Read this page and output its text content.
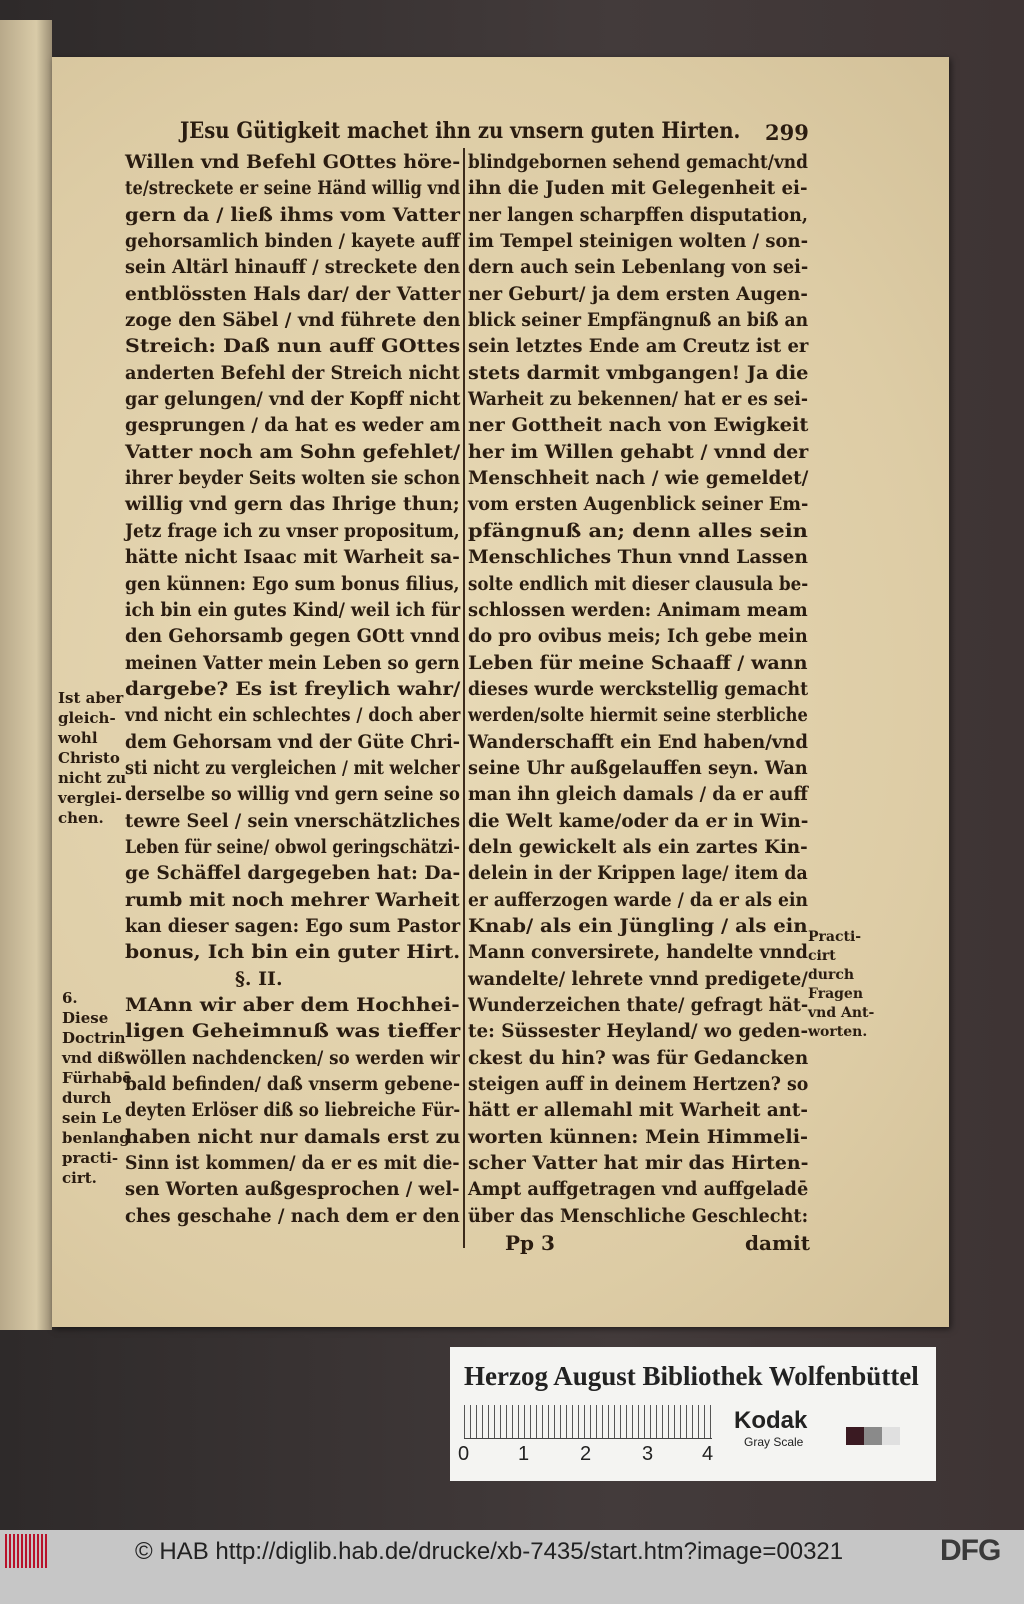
JEsu Gütigkeit machet ihn zu vnsern guten Hirten. 299
Willen vnd Befehl GOttes höre-
te/streckete er seine Händ willig vnd
gern da / ließ ihms vom Vatter
gehorsamlich binden / kayete auff
sein Altärl hinauff / streckete den
entblössten Hals dar/ der Vatter
zoge den Säbel / vnd führete den
Streich: Daß nun auff GOttes
anderten Befehl der Streich nicht
gar gelungen/ vnd der Kopff nicht
gesprungen / da hat es weder am
Vatter noch am Sohn gefehlet/
ihrer beyder Seits wolten sie schon
willig vnd gern das Ihrige thun;
Jetz frage ich zu vnser propositum,
hätte nicht Isaac mit Warheit sa-
gen künnen: Ego sum bonus filius,
ich bin ein gutes Kind/ weil ich für
den Gehorsamb gegen GOtt vnnd
meinen Vatter mein Leben so gern
dargebe? Es ist freylich wahr/
vnd nicht ein schlechtes / doch aber
dem Gehorsam vnd der Güte Chri-
sti nicht zu vergleichen / mit welcher
derselbe so willig vnd gern seine so
tewre Seel / sein vnerschätzliches
Leben für seine/ obwol geringschätzi-
ge Schäffel dargegeben hat: Da-
rumb mit noch mehrer Warheit
kan dieser sagen: Ego sum Pastor
bonus, Ich bin ein guter Hirt.
§. II.
MAnn wir aber dem Hochhei-
ligen Geheimnuß was tieffer
wöllen nachdencken/ so werden wir
bald befinden/ daß vnserm gebene-
deyten Erlöser diß so liebreiche Für-
haben nicht nur damals erst zu
Sinn ist kommen/ da er es mit die-
sen Worten außgesprochen / wel-
ches geschahe / nach dem er den
blindgebornen sehend gemacht/vnd
ihn die Juden mit Gelegenheit ei-
ner langen scharpffen disputation,
im Tempel steinigen wolten / son-
dern auch sein Lebenlang von sei-
ner Geburt/ ja dem ersten Augen-
blick seiner Empfängnuß an biß an
sein letztes Ende am Creutz ist er
stets darmit vmbgangen! Ja die
Warheit zu bekennen/ hat er es sei-
ner Gottheit nach von Ewigkeit
her im Willen gehabt / vnnd der
Menschheit nach / wie gemeldet/
vom ersten Augenblick seiner Em-
pfängnuß an; denn alles sein
Menschliches Thun vnnd Lassen
solte endlich mit dieser clausula be-
schlossen werden: Animam meam
do pro ovibus meis; Ich gebe mein
Leben für meine Schaaff / wann
dieses wurde werckstellig gemacht
werden/solte hiermit seine sterbliche
Wanderschafft ein End haben/vnd
seine Uhr außgelauffen seyn. Wan
man ihn gleich damals / da er auff
die Welt kame/oder da er in Win-
deln gewickelt als ein zartes Kin-
delein in der Krippen lage/ item da
er aufferzogen warde / da er als ein
Knab/ als ein Jüngling / als ein
Mann conversirete, handelte vnnd
wandelte/ lehrete vnnd predigete/
Wunderzeichen thate/ gefragt hät-
te: Süssester Heyland/ wo geden-
ckest du hin? was für Gedancken
steigen auff in deinem Hertzen? so
hätt er allemahl mit Warheit ant-
worten künnen: Mein Himmeli-
scher Vatter hat mir das Hirten-
Ampt auffgetragen vnd auffgeladē
über das Menschliche Geschlecht:
Ist aber
gleich-
wohl
Christo
nicht zu
verglei-
chen.
6.
Diese
Doctrin
vnd diß
Fürhabē
durch
sein Le
benlang
practi-
cirt.
Practi-
cirt
durch
Fragen
vnd Ant-
worten.
Pp 3	damit
Herzog August Bibliothek Wolfenbüttel
0 1	2	3 4
Kodak
Gray Scale
© HAB http://diglib.hab.de/drucke/xb-7435/start.htm?image=00321	DFG
